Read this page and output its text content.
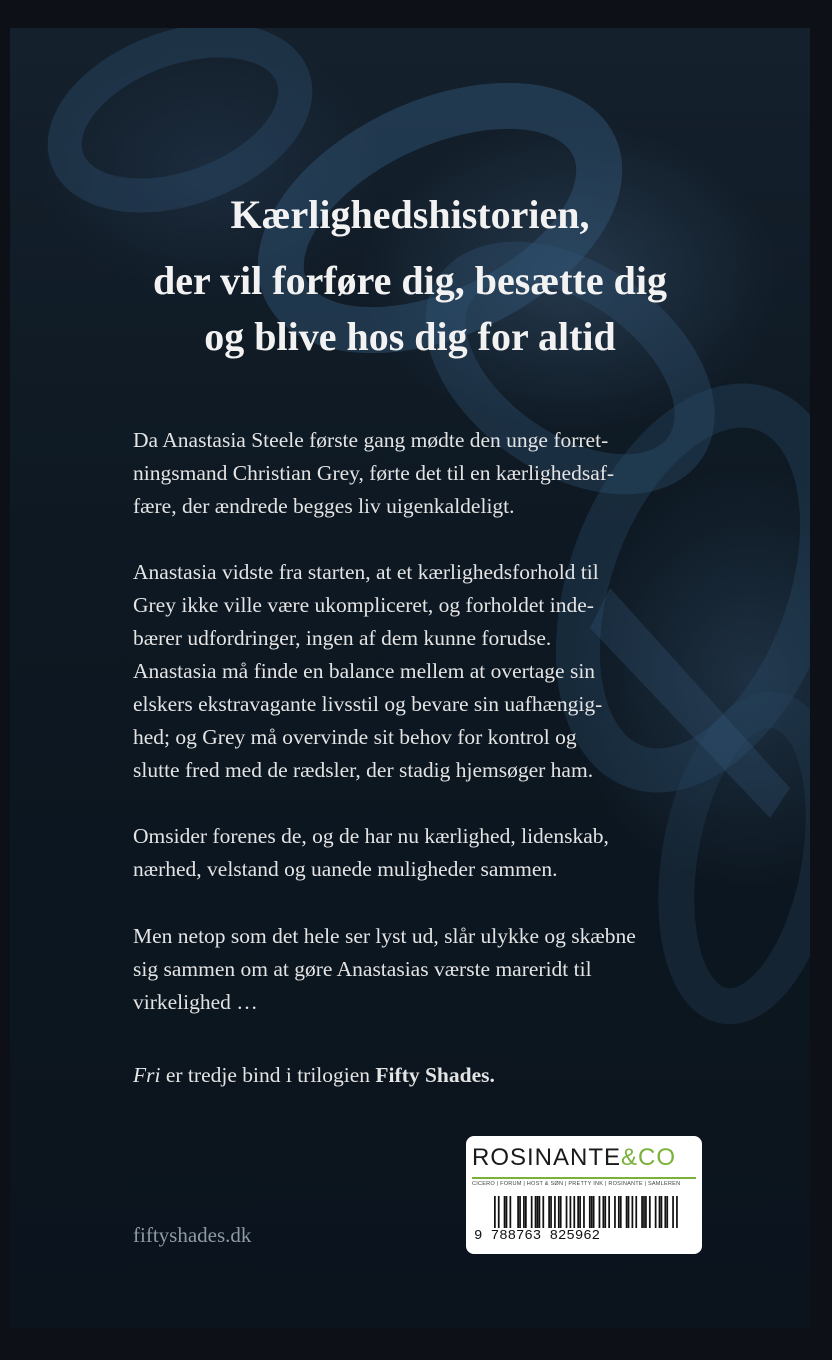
Kærlighedshistorien,
der vil forføre dig, besætte dig
og blive hos dig for altid

Da Anastasia Steele første gang mødte den unge forret-
ningsmand Christian Grey, førte det til en kærlighedsaf-
fære, der ændrede begges liv uigenkaldeligt.

Anastasia vidste fra starten, at et kærlighedsforhold til
Grey ikke ville være ukompliceret, og forholdet inde-
bærer udfordringer, ingen af dem kunne forudse.
Anastasia må finde en balance mellem at overtage sin
elskers ekstravagante livsstil og bevare sin uafhængig-
hed; og Grey må overvinde sit behov for kontrol og
slutte fred med de rædsler, der stadig hjemsøger ham.

Omsider forenes de, og de har nu kærlighed, lidenskab,
nærhed, velstand og uanede muligheder sammen.

Men netop som det hele ser lyst ud, slår ulykke og skæbne
sig sammen om at gøre Anastasias værste mareridt til
virkelighed …

Fri er tredje bind i trilogien Fifty Shades.

fiftyshades.dk
ROSINANTE&CO
CICERO | FORUM | HOST & SØN | PRETTY INK | ROSINANTE | SAMLEREN
9 788763 825962
